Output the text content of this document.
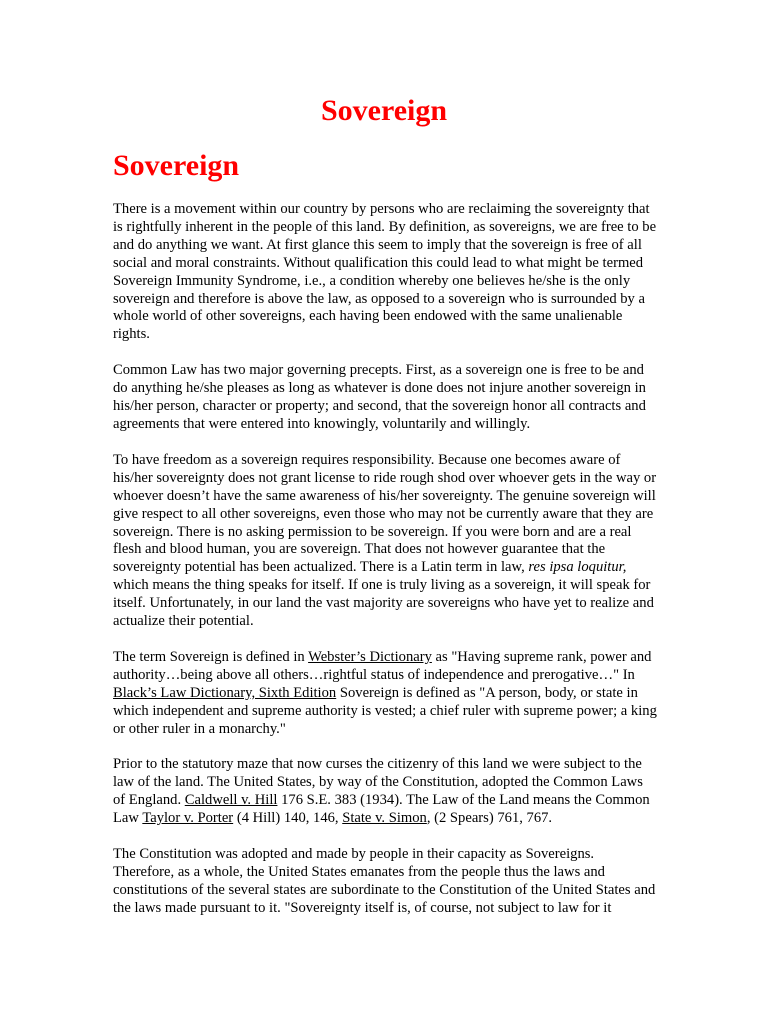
Sovereign
Sovereign

There is a movement within our country by persons who are reclaiming the sovereignty that is rightfully inherent in the people of this land. By definition, as sovereigns, we are free to be and do anything we want. At first glance this seem to imply that the sovereign is free of all social and moral constraints. Without qualification this could lead to what might be termed Sovereign Immunity Syndrome, i.e., a condition whereby one believes he/she is the only sovereign and therefore is above the law, as opposed to a sovereign who is surrounded by a whole world of other sovereigns, each having been endowed with the same unalienable rights.

Common Law has two major governing precepts. First, as a sovereign one is free to be and do anything he/she pleases as long as whatever is done does not injure another sovereign in his/her person, character or property; and second, that the sovereign honor all contracts and agreements that were entered into knowingly, voluntarily and willingly.

To have freedom as a sovereign requires responsibility. Because one becomes aware of his/her sovereignty does not grant license to ride rough shod over whoever gets in the way or whoever doesn’t have the same awareness of his/her sovereignty. The genuine sovereign will give respect to all other sovereigns, even those who may not be currently aware that they are sovereign. There is no asking permission to be sovereign. If you were born and are a real flesh and blood human, you are sovereign. That does not however guarantee that the sovereignty potential has been actualized. There is a Latin term in law, res ipsa loquitur, which means the thing speaks for itself. If one is truly living as a sovereign, it will speak for itself. Unfortunately, in our land the vast majority are sovereigns who have yet to realize and actualize their potential.

The term Sovereign is defined in Webster’s Dictionary as "Having supreme rank, power and authority…being above all others…rightful status of independence and prerogative…" In Black’s Law Dictionary, Sixth Edition Sovereign is defined as "A person, body, or state in which independent and supreme authority is vested; a chief ruler with supreme power; a king or other ruler in a monarchy."

Prior to the statutory maze that now curses the citizenry of this land we were subject to the law of the land. The United States, by way of the Constitution, adopted the Common Laws of England. Caldwell v. Hill 176 S.E. 383 (1934). The Law of the Land means the Common Law Taylor v. Porter (4 Hill) 140, 146, State v. Simon, (2 Spears) 761, 767.

The Constitution was adopted and made by people in their capacity as Sovereigns. Therefore, as a whole, the United States emanates from the people thus the laws and constitutions of the several states are subordinate to the Constitution of the United States and the laws made pursuant to it. "Sovereignty itself is, of course, not subject to law for it
